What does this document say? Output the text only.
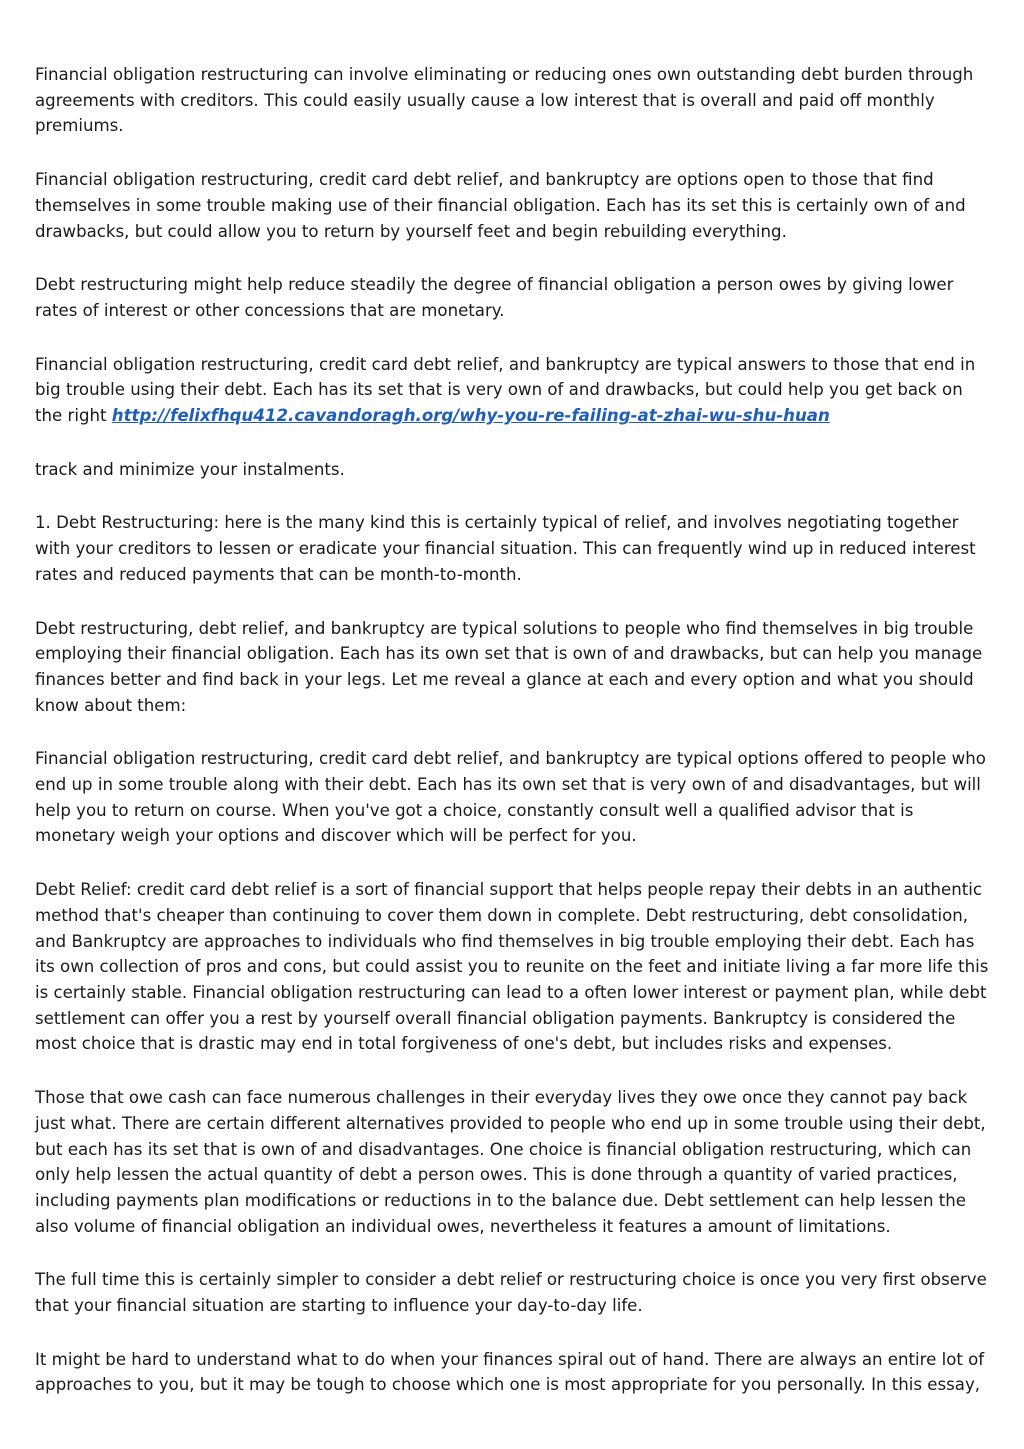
Financial obligation restructuring can involve eliminating or reducing ones own outstanding debt burden through agreements with creditors. This could easily usually cause a low interest that is overall and paid off monthly premiums.

Financial obligation restructuring, credit card debt relief, and bankruptcy are options open to those that find themselves in some trouble making use of their financial obligation. Each has its set this is certainly own of and drawbacks, but could allow you to return by yourself feet and begin rebuilding everything.

Debt restructuring might help reduce steadily the degree of financial obligation a person owes by giving lower rates of interest or other concessions that are monetary.

Financial obligation restructuring, credit card debt relief, and bankruptcy are typical answers to those that end in big trouble using their debt. Each has its set that is very own of and drawbacks, but could help you get back on the right http://felixfhqu412.cavandoragh.org/why-you-re-failing-at-zhai-wu-shu-huan

track and minimize your instalments.

1. Debt Restructuring: here is the many kind this is certainly typical of relief, and involves negotiating together with your creditors to lessen or eradicate your financial situation. This can frequently wind up in reduced interest rates and reduced payments that can be month-to-month.

Debt restructuring, debt relief, and bankruptcy are typical solutions to people who find themselves in big trouble employing their financial obligation. Each has its own set that is own of and drawbacks, but can help you manage finances better and find back in your legs. Let me reveal a glance at each and every option and what you should know about them:

Financial obligation restructuring, credit card debt relief, and bankruptcy are typical options offered to people who end up in some trouble along with their debt. Each has its own set that is very own of and disadvantages, but will help you to return on course. When you've got a choice, constantly consult well a qualified advisor that is monetary weigh your options and discover which will be perfect for you.

Debt Relief: credit card debt relief is a sort of financial support that helps people repay their debts in an authentic method that's cheaper than continuing to cover them down in complete. Debt restructuring, debt consolidation, and Bankruptcy are approaches to individuals who find themselves in big trouble employing their debt. Each has its own collection of pros and cons, but could assist you to reunite on the feet and initiate living a far more life this is certainly stable. Financial obligation restructuring can lead to a often lower interest or payment plan, while debt settlement can offer you a rest by yourself overall financial obligation payments. Bankruptcy is considered the most choice that is drastic may end in total forgiveness of one's debt, but includes risks and expenses.

Those that owe cash can face numerous challenges in their everyday lives they owe once they cannot pay back just what. There are certain different alternatives provided to people who end up in some trouble using their debt, but each has its set that is own of and disadvantages. One choice is financial obligation restructuring, which can only help lessen the actual quantity of debt a person owes. This is done through a quantity of varied practices, including payments plan modifications or reductions in to the balance due. Debt settlement can help lessen the also volume of financial obligation an individual owes, nevertheless it features a amount of limitations.

The full time this is certainly simpler to consider a debt relief or restructuring choice is once you very first observe that your financial situation are starting to influence your day-to-day life.

It might be hard to understand what to do when your finances spiral out of hand. There are always an entire lot of approaches to you, but it may be tough to choose which one is most appropriate for you personally. In this essay,
